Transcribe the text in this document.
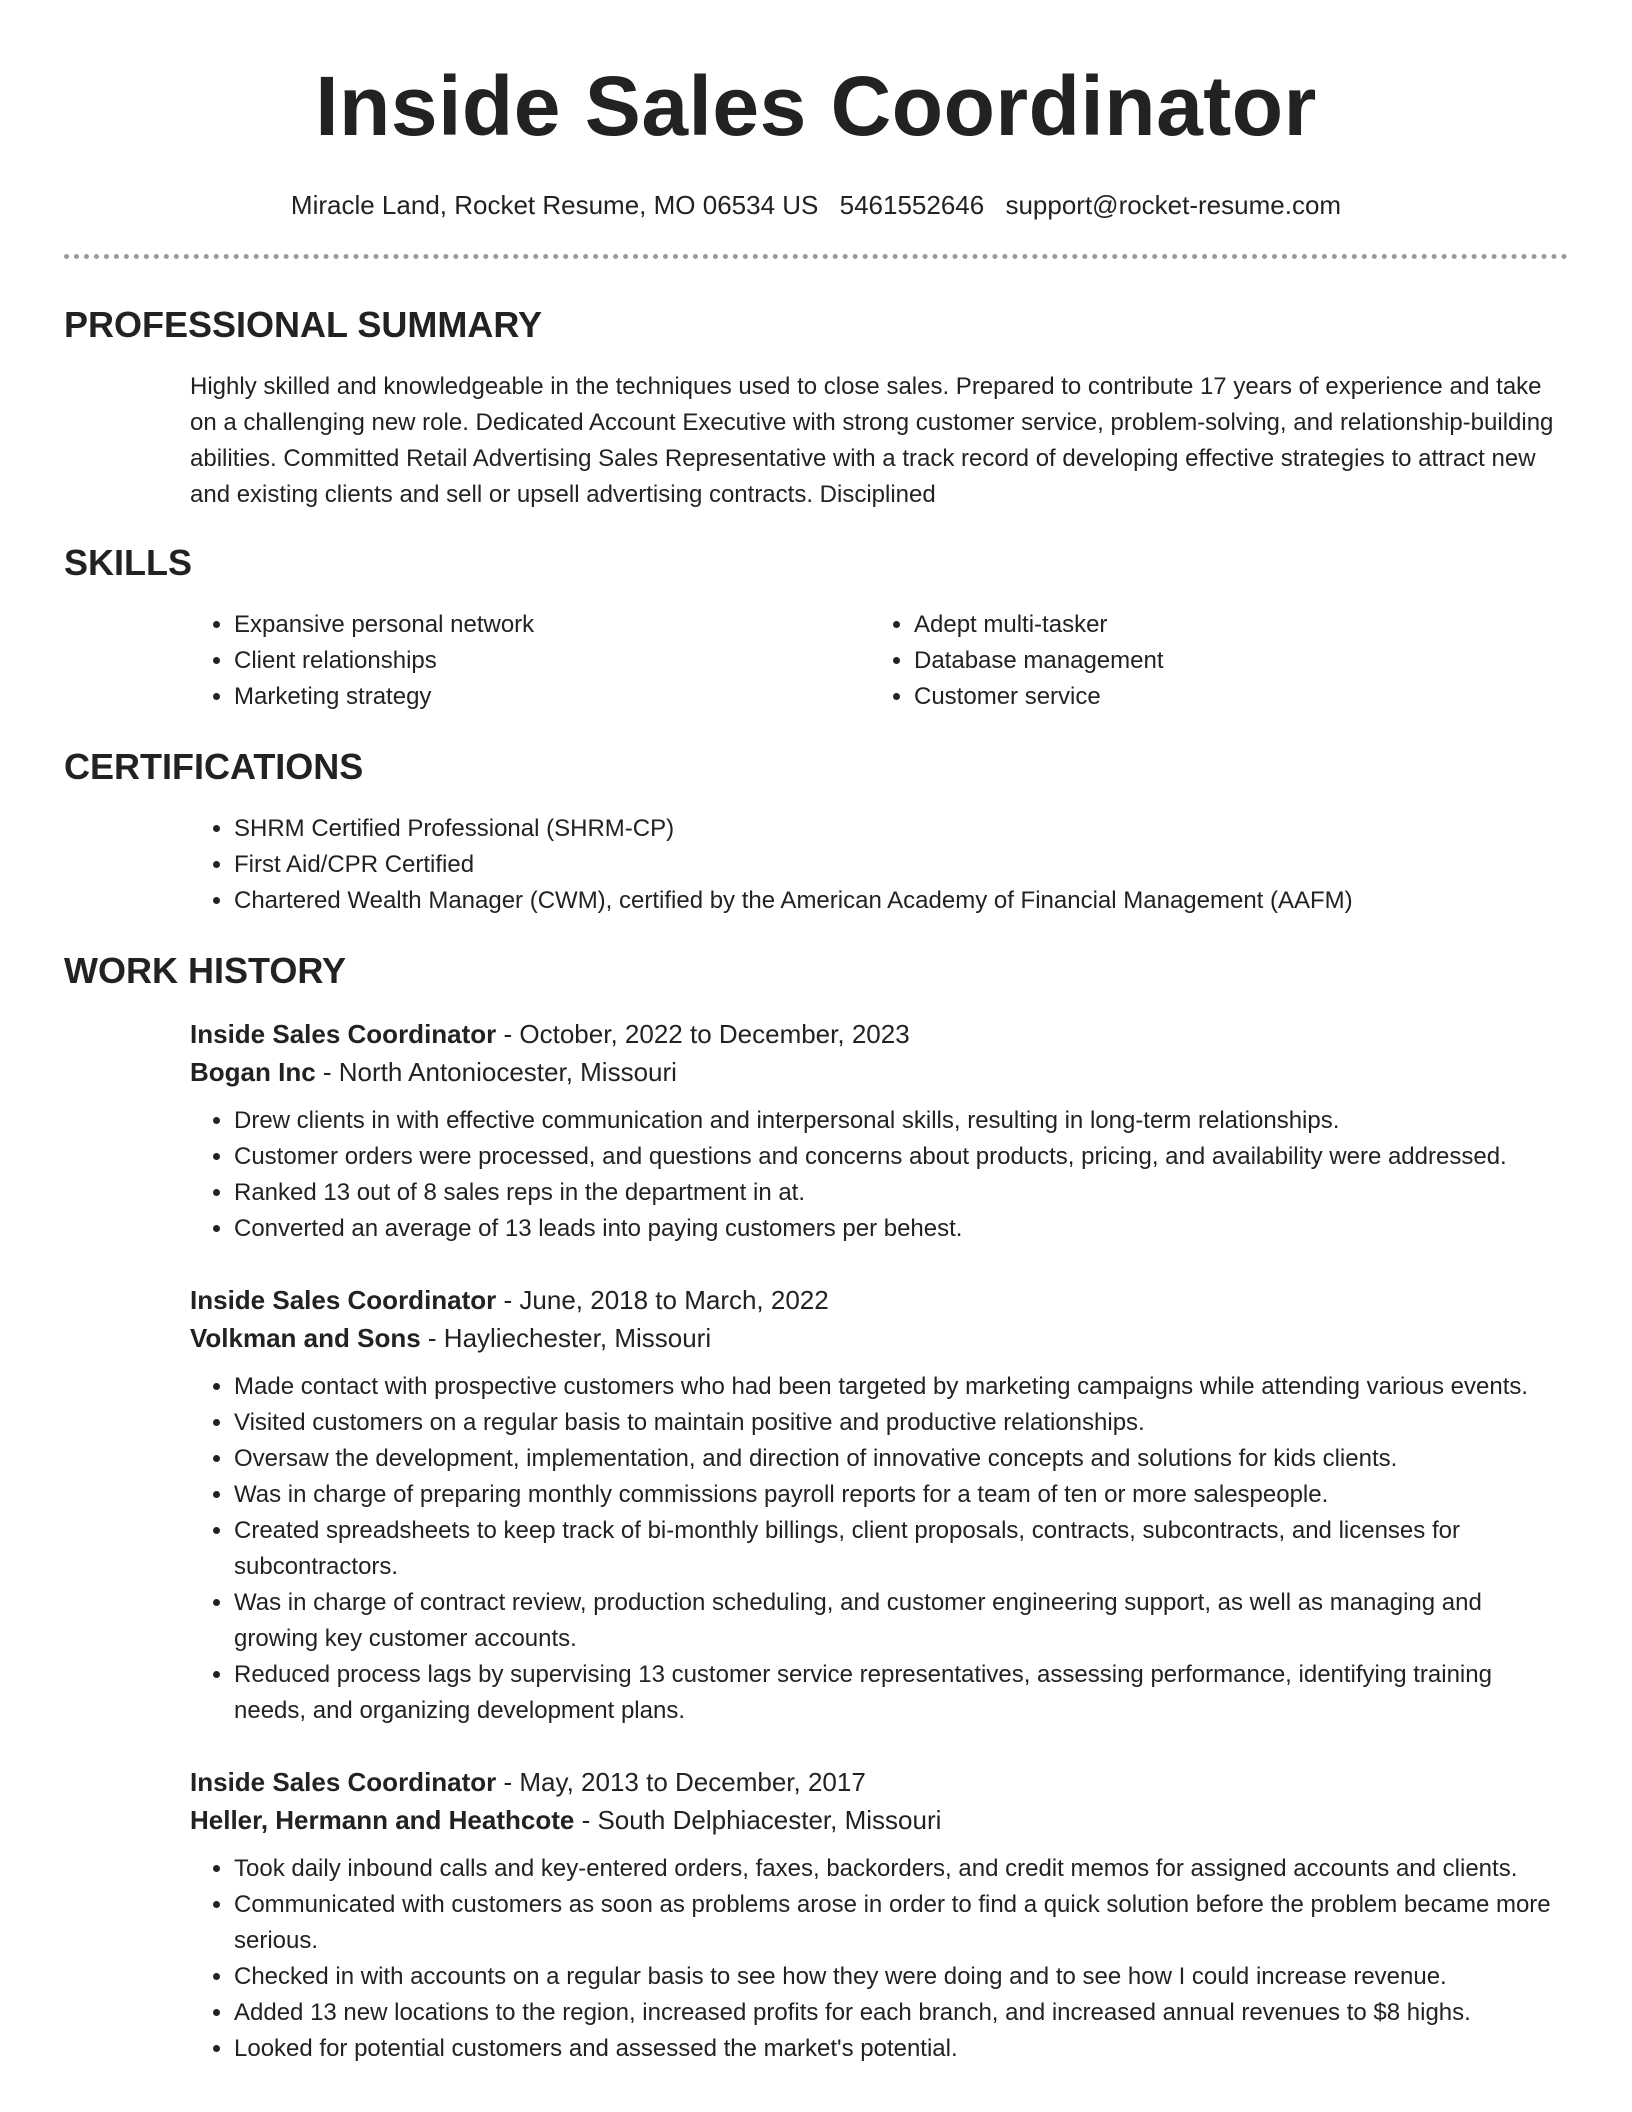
Inside Sales Coordinator
Miracle Land, Rocket Resume, MO 06534 US 5461552646 support@rocket-resume.com
PROFESSIONAL SUMMARY
Highly skilled and knowledgeable in the techniques used to close sales. Prepared to contribute 17 years of experience and take on a challenging new role. Dedicated Account Executive with strong customer service, problem-solving, and relationship-building abilities. Committed Retail Advertising Sales Representative with a track record of developing effective strategies to attract new and existing clients and sell or upsell advertising contracts. Disciplined
SKILLS
• Expansive personal network
• Client relationships
• Marketing strategy
• Adept multi-tasker
• Database management
• Customer service
CERTIFICATIONS
• SHRM Certified Professional (SHRM-CP)
• First Aid/CPR Certified
• Chartered Wealth Manager (CWM), certified by the American Academy of Financial Management (AAFM)
WORK HISTORY
Inside Sales Coordinator - October, 2022 to December, 2023
Bogan Inc - North Antoniocester, Missouri
• Drew clients in with effective communication and interpersonal skills, resulting in long-term relationships.
• Customer orders were processed, and questions and concerns about products, pricing, and availability were addressed.
• Ranked 13 out of 8 sales reps in the department in at.
• Converted an average of 13 leads into paying customers per behest.
Inside Sales Coordinator - June, 2018 to March, 2022
Volkman and Sons - Hayliechester, Missouri
• Made contact with prospective customers who had been targeted by marketing campaigns while attending various events.
• Visited customers on a regular basis to maintain positive and productive relationships.
• Oversaw the development, implementation, and direction of innovative concepts and solutions for kids clients.
• Was in charge of preparing monthly commissions payroll reports for a team of ten or more salespeople.
• Created spreadsheets to keep track of bi-monthly billings, client proposals, contracts, subcontracts, and licenses for subcontractors.
• Was in charge of contract review, production scheduling, and customer engineering support, as well as managing and growing key customer accounts.
• Reduced process lags by supervising 13 customer service representatives, assessing performance, identifying training needs, and organizing development plans.
Inside Sales Coordinator - May, 2013 to December, 2017
Heller, Hermann and Heathcote - South Delphiacester, Missouri
• Took daily inbound calls and key-entered orders, faxes, backorders, and credit memos for assigned accounts and clients.
• Communicated with customers as soon as problems arose in order to find a quick solution before the problem became more serious.
• Checked in with accounts on a regular basis to see how they were doing and to see how I could increase revenue.
• Added 13 new locations to the region, increased profits for each branch, and increased annual revenues to $8 highs.
• Looked for potential customers and assessed the market's potential.
